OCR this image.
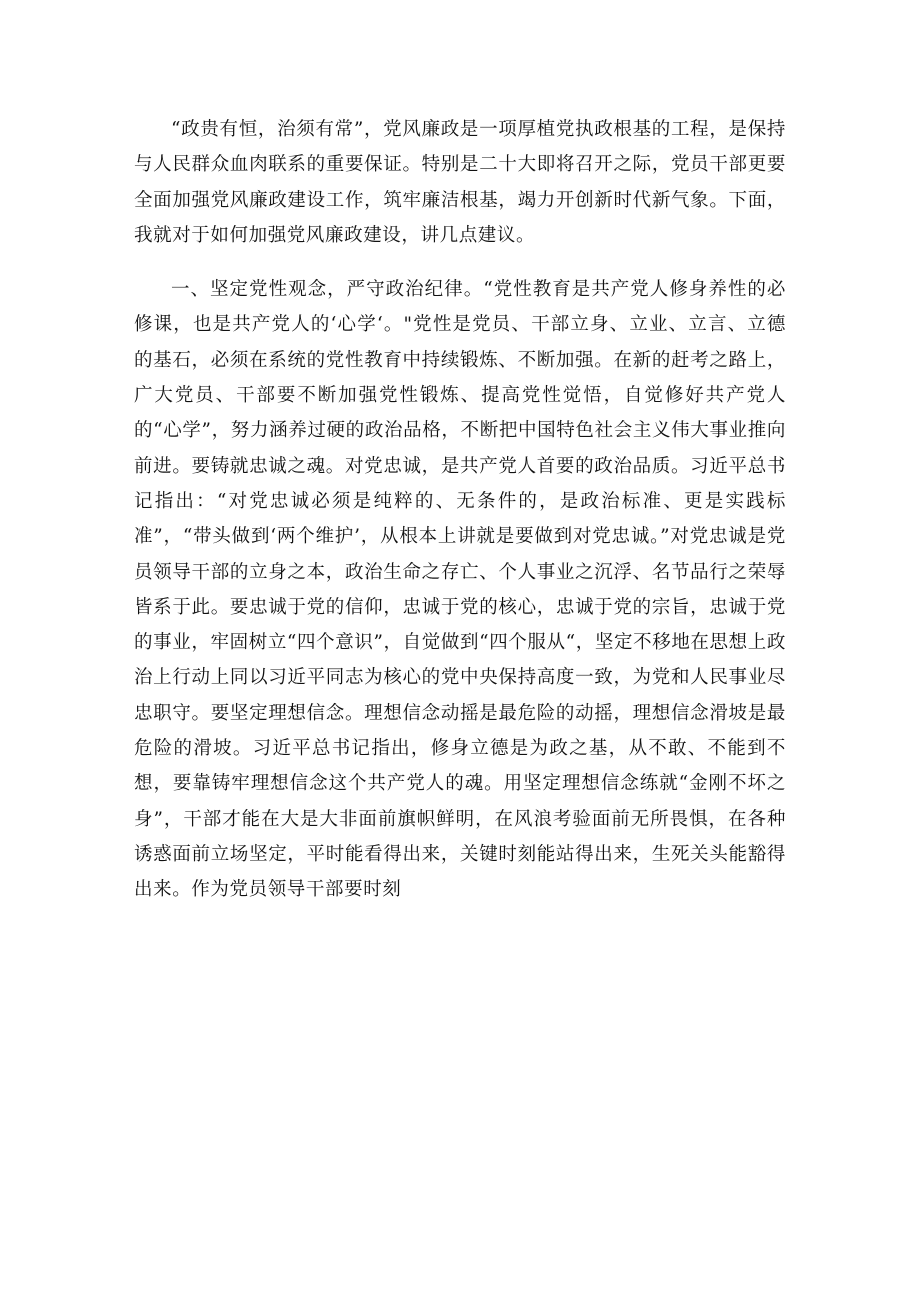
“政贵有恒，治须有常”，党风廉政是一项厚植党执政根基的工程，是保持与人民群众血肉联系的重要保证。特别是二十大即将召开之际，党员干部更要全面加强党风廉政建设工作，筑牢廉洁根基，竭力开创新时代新气象。下面，我就对于如何加强党风廉政建设，讲几点建议。

一、坚定党性观念，严守政治纪律。“党性教育是共产党人修身养性的必修课，也是共产党人的‘心学‘。"党性是党员、干部立身、立业、立言、立德的基石，必须在系统的党性教育中持续锻炼、不断加强。在新的赶考之路上，广大党员、干部要不断加强党性锻炼、提高党性觉悟，自觉修好共产党人的“心学”，努力涵养过硬的政治品格，不断把中国特色社会主义伟大事业推向前进。要铸就忠诚之魂。对党忠诚，是共产党人首要的政治品质。习近平总书记指出：“对党忠诚必须是纯粹的、无条件的，是政治标准、更是实践标准”，“带头做到‘两个维护’，从根本上讲就是要做到对党忠诚。”对党忠诚是党员领导干部的立身之本，政治生命之存亡、个人事业之沉浮、名节品行之荣辱皆系于此。要忠诚于党的信仰，忠诚于党的核心，忠诚于党的宗旨，忠诚于党的事业，牢固树立“四个意识”，自觉做到“四个服从“，坚定不移地在思想上政治上行动上同以习近平同志为核心的党中央保持高度一致，为党和人民事业尽忠职守。要坚定理想信念。理想信念动摇是最危险的动摇，理想信念滑坡是最危险的滑坡。习近平总书记指出，修身立德是为政之基，从不敢、不能到不想，要靠铸牢理想信念这个共产党人的魂。用坚定理想信念练就“金刚不坏之身”，干部才能在大是大非面前旗帜鲜明，在风浪考验面前无所畏惧，在各种诱惑面前立场坚定，平时能看得出来，关键时刻能站得出来，生死关头能豁得出来。作为党员领导干部要时刻
